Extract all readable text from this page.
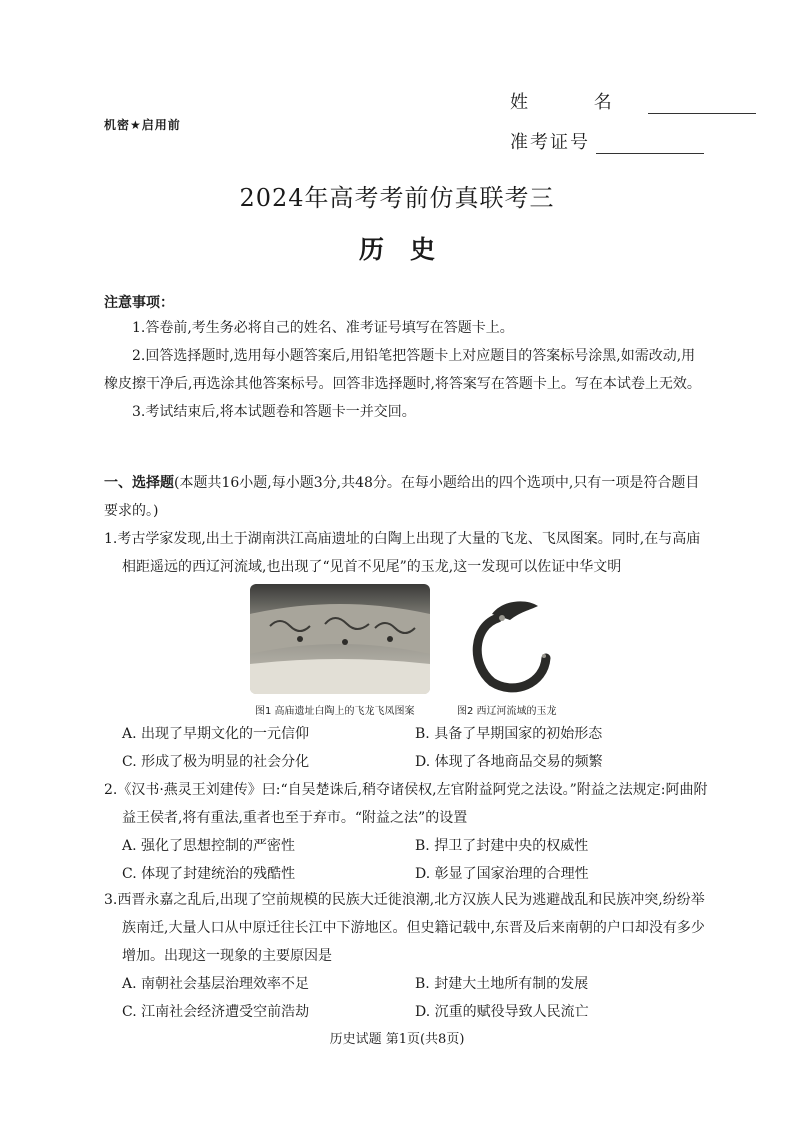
机密★启用前
姓 名
准考证号
2024年高考考前仿真联考三
历史
注意事项：

1.答卷前,考生务必将自己的姓名、准考证号填写在答题卡上。

2.回答选择题时,选用每小题答案后,用铅笔把答题卡上对应题目的答案标号涂黑,如需改动,用橡皮擦干净后,再选涂其他答案标号。回答非选择题时,将答案写在答题卡上。写在本试卷上无效。

3.考试结束后,将本试题卷和答题卡一并交回。

一、选择题(本题共16小题,每小题3分,共48分。在每小题给出的四个选项中,只有一项是符合题目要求的。)

1.考古学家发现,出土于湖南洪江高庙遗址的白陶上出现了大量的飞龙、飞凤图案。同时,在与高庙相距遥远的西辽河流域,也出现了“见首不见尾”的玉龙,这一发现可以佐证中华文明

图1 高庙遗址白陶上的飞龙飞凤图案	图2 西辽河流域的玉龙
A. 出现了早期文化的一元信仰	B. 具备了早期国家的初始形态
C. 形成了极为明显的社会分化	D. 体现了各地商品交易的频繁

2.《汉书·燕灵王刘建传》曰:“自吴楚诛后,稍夺诸侯权,左官附益阿党之法设。”附益之法规定:阿曲附益王侯者,将有重法,重者也至于弃市。“附益之法”的设置

A. 强化了思想控制的严密性	B. 捍卫了封建中央的权威性
C. 体现了封建统治的残酷性	D. 彰显了国家治理的合理性

3.西晋永嘉之乱后,出现了空前规模的民族大迁徙浪潮,北方汉族人民为逃避战乱和民族冲突,纷纷举族南迁,大量人口从中原迁往长江中下游地区。但史籍记载中,东晋及后来南朝的户口却没有多少增加。出现这一现象的主要原因是

A. 南朝社会基层治理效率不足	B. 封建大土地所有制的发展
C. 江南社会经济遭受空前浩劫	D. 沉重的赋役导致人民流亡
历史试题 第1页(共8页)
